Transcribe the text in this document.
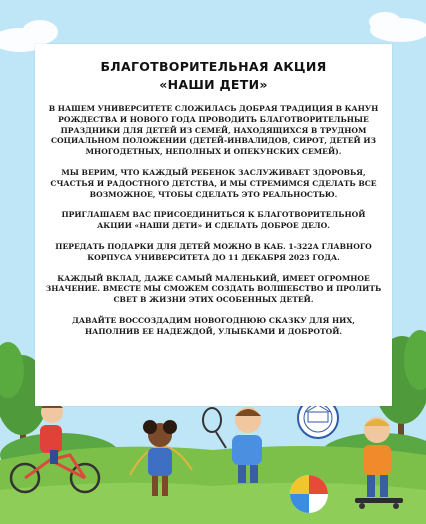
БЛАГОТВОРИТЕЛЬНАЯ АКЦИЯ
«НАШИ ДЕТИ»

В НАШЕМ УНИВЕРСИТЕТЕ СЛОЖИЛАСЬ ДОБРАЯ ТРАДИЦИЯ В КАНУН РОЖДЕСТВА И НОВОГО ГОДА ПРОВОДИТЬ БЛАГОТВОРИТЕЛЬНЫЕ ПРАЗДНИКИ ДЛЯ ДЕТЕЙ ИЗ СЕМЕЙ, НАХОДЯЩИХСЯ В ТРУДНОМ СОЦИАЛЬНОМ ПОЛОЖЕНИИ (ДЕТЕЙ-ИНВАЛИДОВ, СИРОТ, ДЕТЕЙ ИЗ МНОГОДЕТНЫХ, НЕПОЛНЫХ И ОПЕКУНСКИХ СЕМЕЙ).

МЫ ВЕРИМ, ЧТО КАЖДЫЙ РЕБЕНОК ЗАСЛУЖИВАЕТ ЗДОРОВЬЯ, СЧАСТЬЯ И РАДОСТНОГО ДЕТСТВА, И МЫ СТРЕМИМСЯ СДЕЛАТЬ ВСЕ ВОЗМОЖНОЕ, ЧТОБЫ СДЕЛАТЬ ЭТО РЕАЛЬНОСТЬЮ.

ПРИГЛАШАЕМ ВАС ПРИСОЕДИНИТЬСЯ К БЛАГОТВОРИТЕЛЬНОЙ АКЦИИ «НАШИ ДЕТИ» И СДЕЛАТЬ ДОБРОЕ ДЕЛО.

ПЕРЕДАТЬ ПОДАРКИ ДЛЯ ДЕТЕЙ МОЖНО В КАБ. 1-322А ГЛАВНОГО КОРПУСА УНИВЕРСИТЕТА ДО 11 ДЕКАБРЯ 2023 ГОДА.

КАЖДЫЙ ВКЛАД, ДАЖЕ САМЫЙ МАЛЕНЬКИЙ, ИМЕЕТ ОГРОМНОЕ ЗНАЧЕНИЕ. ВМЕСТЕ МЫ СМОЖЕМ СОЗДАТЬ ВОЛШЕБСТВО И ПРОЛИТЬ СВЕТ В ЖИЗНИ ЭТИХ ОСОБЕННЫХ ДЕТЕЙ.

ДАВАЙТЕ ВОССОЗДАДИМ НОВОГОДНЮЮ СКАЗКУ ДЛЯ НИХ, НАПОЛНИВ ЕЕ НАДЕЖДОЙ, УЛЫБКАМИ И ДОБРОТОЙ.
